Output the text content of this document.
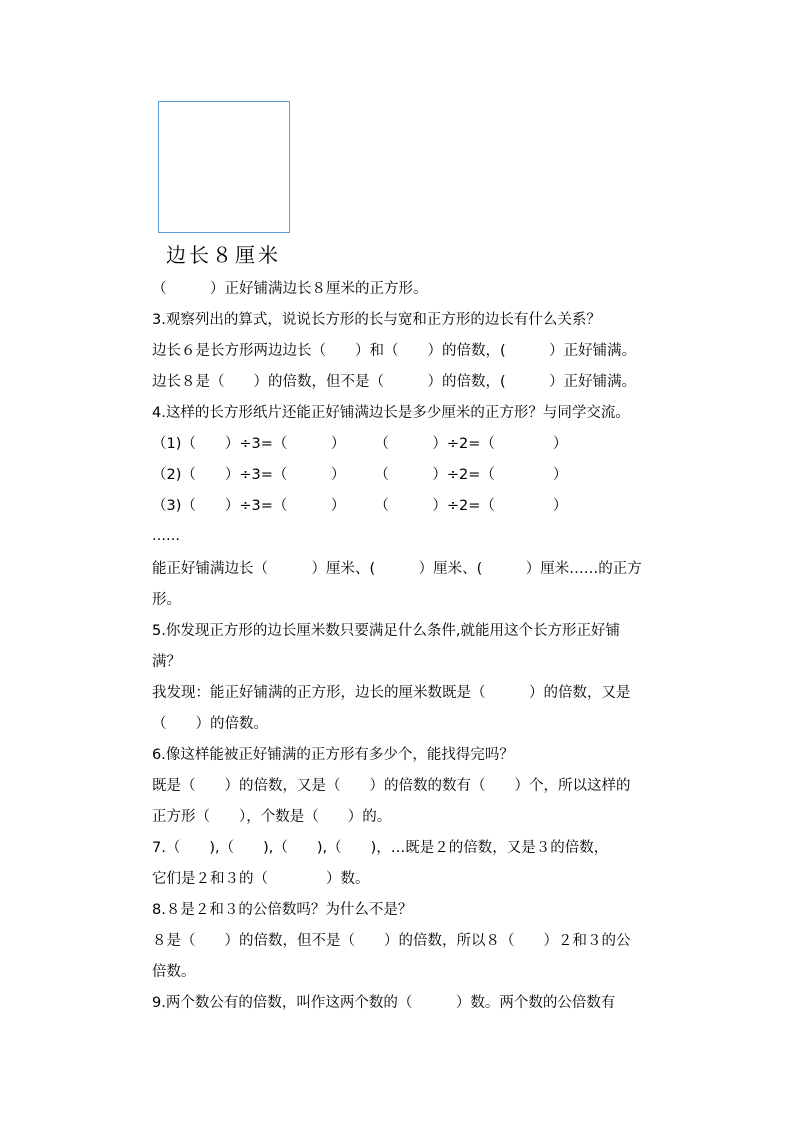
边长８厘米
（　　　）正好铺满边长８厘米的正方形。
3.观察列出的算式，说说长方形的长与宽和正方形的边长有什么关系？
边长６是长方形两边边长（　　）和（　　）的倍数，(　　　）正好铺满。
边长８是（　　）的倍数，但不是（　　　）的倍数，(　　　）正好铺满。
4.这样的长方形纸片还能正好铺满边长是多少厘米的正方形？与同学交流。
（1)（　　）÷3=（　　　）　　　（　　　）÷2=（　　　　）
（2)（　　）÷3=（　　　）　　　（　　　）÷2=（　　　　）
（3)（　　）÷3=（　　　）　　　（　　　）÷2=（　　　　）
……
能正好铺满边长（　　　）厘米、(　　　）厘米、(　　　）厘米……的正方
形。
5.你发现正方形的边长厘米数只要满足什么条件,就能用这个长方形正好铺
满？
我发现：能正好铺满的正方形，边长的厘米数既是（　　　）的倍数，又是
（　　）的倍数。
6.像这样能被正好铺满的正方形有多少个，能找得完吗？
既是（　　）的倍数，又是（　　）的倍数的数有（　　）个，所以这样的
正方形（　　），个数是（　　）的。
7.（　　),（　　),（　　),（　　)，…既是２的倍数，又是３的倍数，
它们是２和３的（　　　　）数。
8.８是２和３的公倍数吗？为什么不是？
８是（　　）的倍数，但不是（　　）的倍数，所以８（　　）２和３的公
倍数。
9.两个数公有的倍数，叫作这两个数的（　　　）数。两个数的公倍数有
